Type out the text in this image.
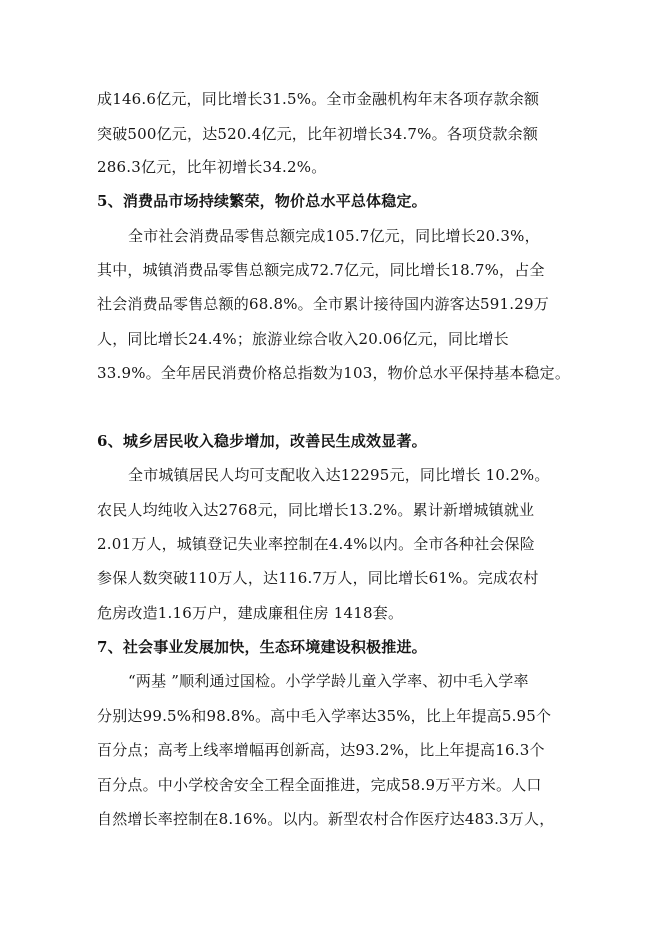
成146.6亿元，同比增长31.5%。全市金融机构年末各项存款余额
突破500亿元，达520.4亿元，比年初增长34.7%。各项贷款余额
286.3亿元，比年初增长34.2%。
5、消费品市场持续繁荣，物价总水平总体稳定。
全市社会消费品零售总额完成105.7亿元，同比增长20.3%，
其中，城镇消费品零售总额完成72.7亿元，同比增长18.7%，占全
社会消费品零售总额的68.8%。全市累计接待国内游客达591.29万
人，同比增长24.4%；旅游业综合收入20.06亿元，同比增长
33.9%。全年居民消费价格总指数为103，物价总水平保持基本稳定。
6、城乡居民收入稳步增加，改善民生成效显著。
全市城镇居民人均可支配收入达12295元，同比增长 10.2%。
农民人均纯收入达2768元，同比增长13.2%。累计新增城镇就业
2.01万人，城镇登记失业率控制在4.4%以内。全市各种社会保险
参保人数突破110万人，达116.7万人，同比增长61%。完成农村
危房改造1.16万户，建成廉租住房 1418套。
7、社会事业发展加快，生态环境建设积极推进。
“两基 ”顺利通过国检。小学学龄儿童入学率、初中毛入学率
分别达99.5%和98.8%。高中毛入学率达35%，比上年提高5.95个
百分点；高考上线率增幅再创新高，达93.2%，比上年提高16.3个
百分点。中小学校舍安全工程全面推进，完成58.9万平方米。人口
自然增长率控制在8.16%。以内。新型农村合作医疗达483.3万人，
